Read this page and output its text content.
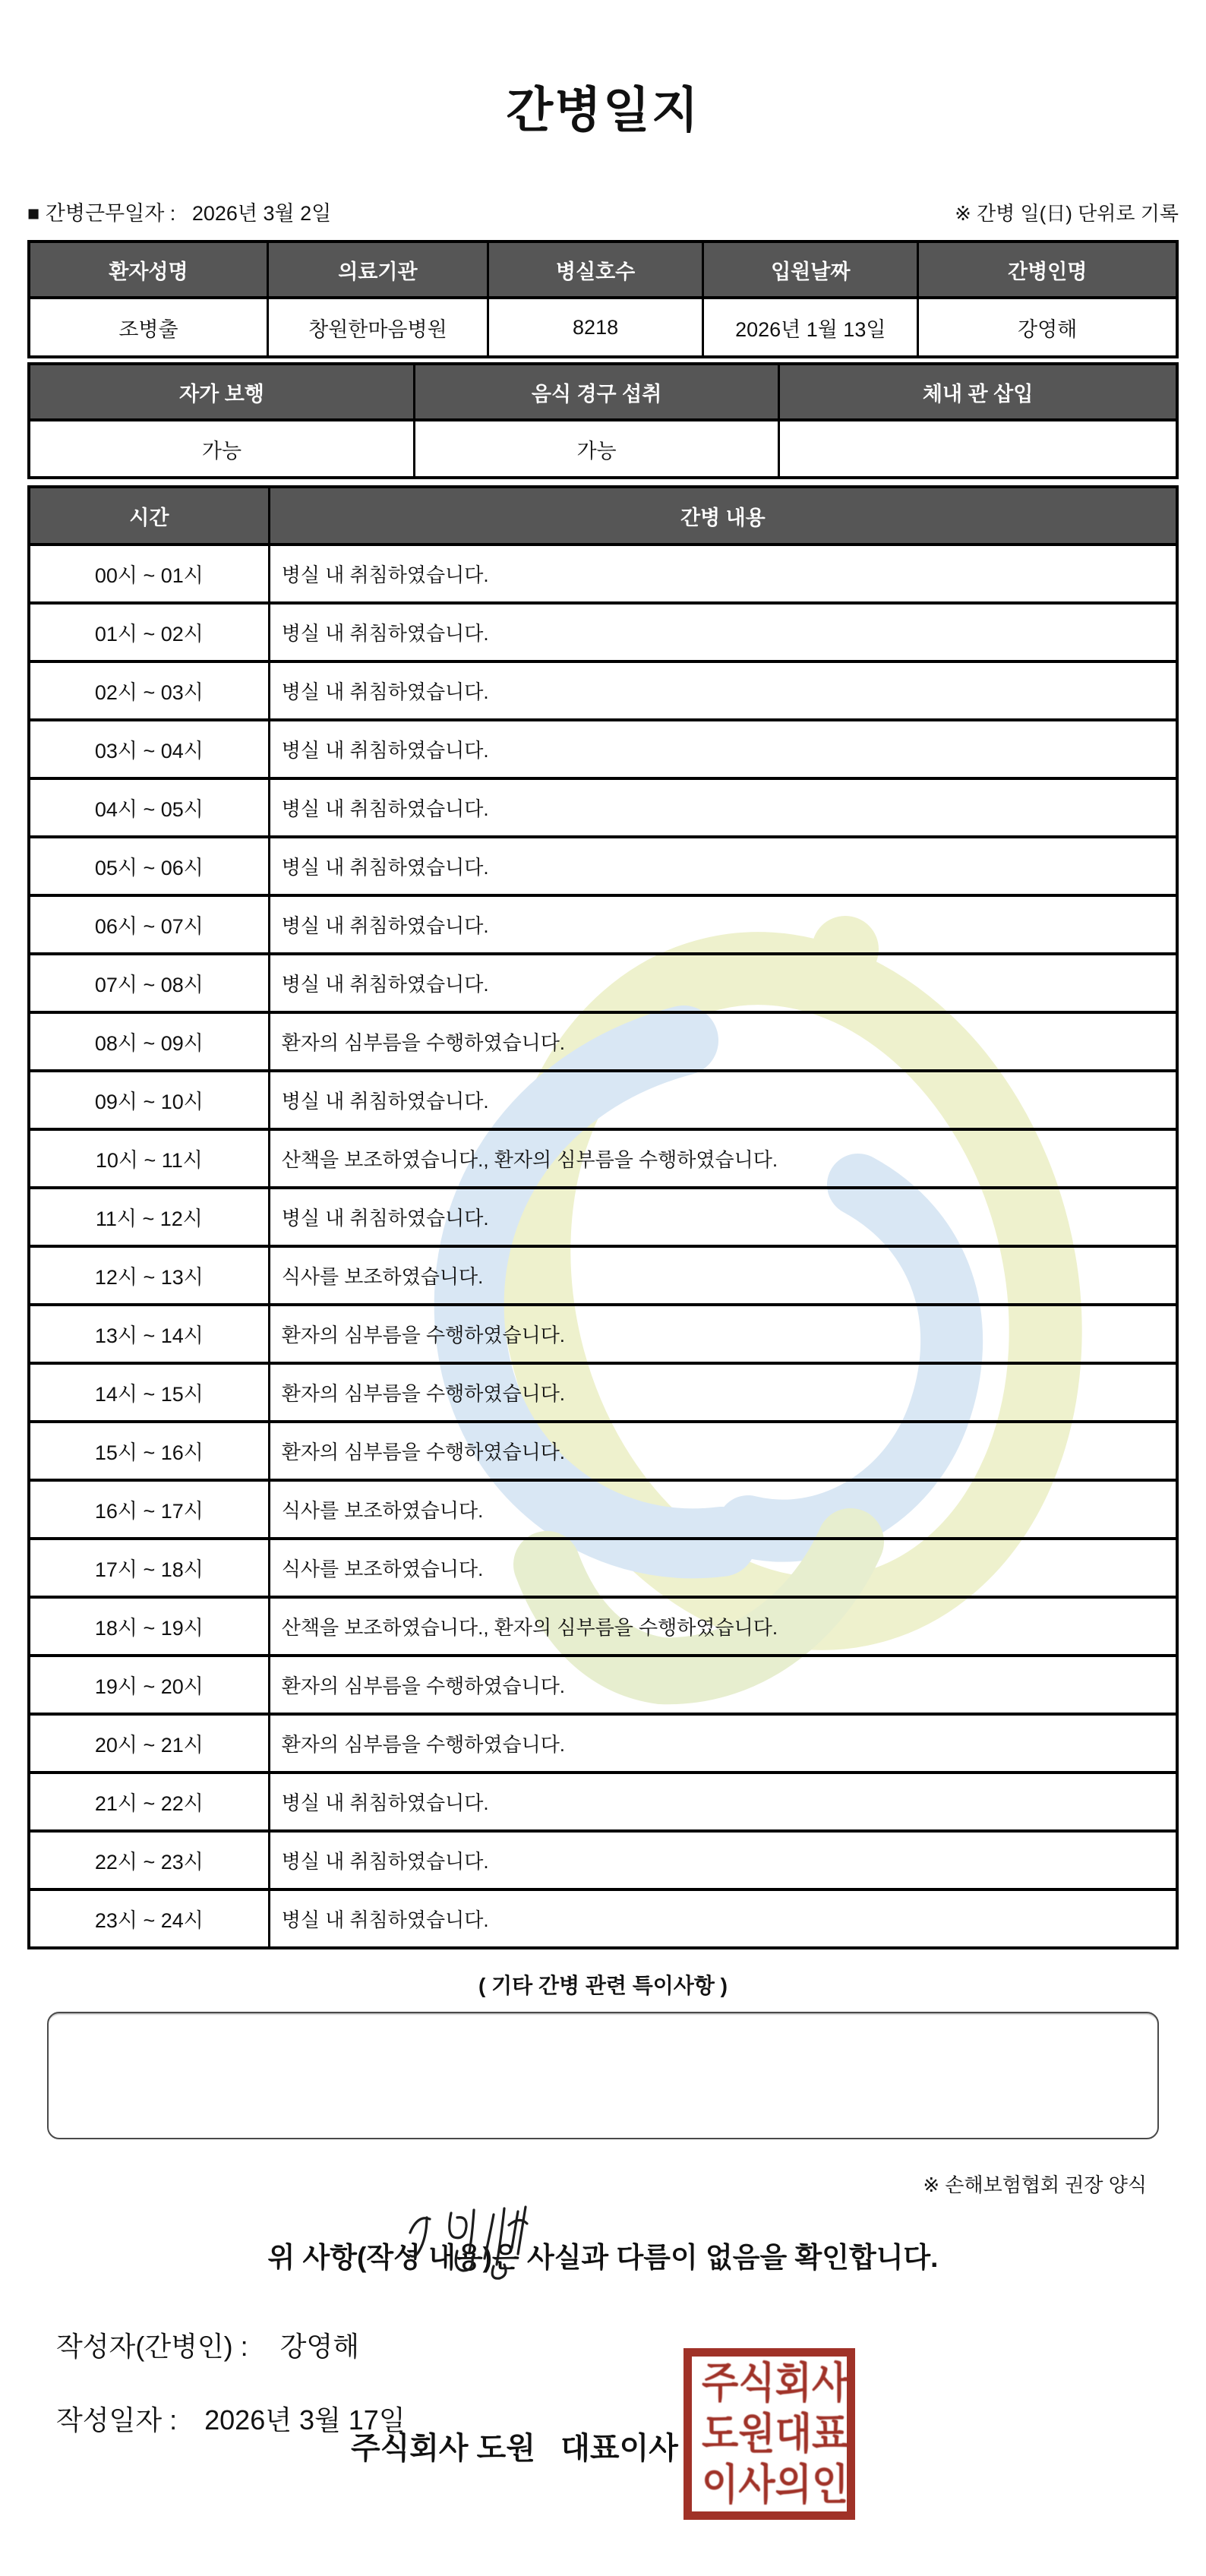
간병일지
■ 간병근무일자 : 2026년 3월 2일	※ 간병 일(日) 단위로 기록
환자성명	의료기관	병실호수	입원날짜	간병인명
조병출	창원한마음병원	8218	2026년 1월 13일	강영해
자가 보행	음식 경구 섭취	체내 관 삽입
가능	가능
시간	간병 내용
00시 ~ 01시	병실 내 취침하였습니다.
01시 ~ 02시	병실 내 취침하였습니다.
02시 ~ 03시	병실 내 취침하였습니다.
03시 ~ 04시	병실 내 취침하였습니다.
04시 ~ 05시	병실 내 취침하였습니다.
05시 ~ 06시	병실 내 취침하였습니다.
06시 ~ 07시	병실 내 취침하였습니다.
07시 ~ 08시	병실 내 취침하였습니다.
08시 ~ 09시	환자의 심부름을 수행하였습니다.
09시 ~ 10시	병실 내 취침하였습니다.
10시 ~ 11시	산책을 보조하였습니다., 환자의 심부름을 수행하였습니다.
11시 ~ 12시	병실 내 취침하였습니다.
12시 ~ 13시	식사를 보조하였습니다.
13시 ~ 14시	환자의 심부름을 수행하였습니다.
14시 ~ 15시	환자의 심부름을 수행하였습니다.
15시 ~ 16시	환자의 심부름을 수행하였습니다.
16시 ~ 17시	식사를 보조하였습니다.
17시 ~ 18시	식사를 보조하였습니다.
18시 ~ 19시	산책을 보조하였습니다., 환자의 심부름을 수행하였습니다.
19시 ~ 20시	환자의 심부름을 수행하였습니다.
20시 ~ 21시	환자의 심부름을 수행하였습니다.
21시 ~ 22시	병실 내 취침하였습니다.
22시 ~ 23시	병실 내 취침하였습니다.
23시 ~ 24시	병실 내 취침하였습니다.
( 기타 간병 관련 특이사항 )
※ 손해보험협회 권장 양식
위 사항(작성 내용)은 사실과 다름이 없음을 확인합니다.
작성자(간병인) : 강영해
작성일자 : 2026년 3월 17일
주식회사 도원   대표이사
주 식 회 사
도 원 대 표
이 사 의 인
